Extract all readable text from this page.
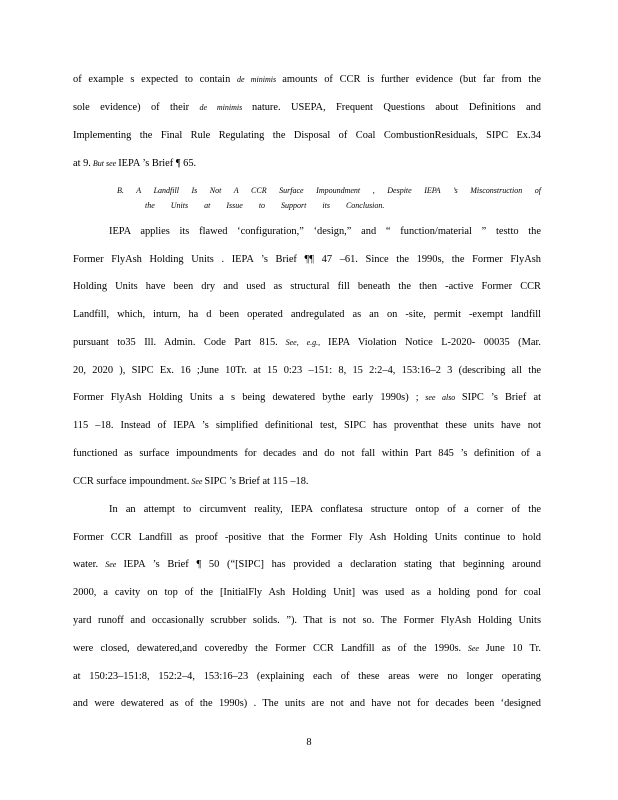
of example s expected to contain de minimis amounts of CCR is further evidence (but far from the
sole evidence) of their de minimis nature. USEPA, Frequent Questions about Definitions and
Implementing the Final Rule Regulating the Disposal of Coal CombustionResiduals, SIPC Ex.34
at 9. But see IEPA ’s Brief ¶ 65.
B. A Landfill Is Not A CCR Surface Impoundment , Despite IEPA ’s Misconstruction of
the Units at Issue to Support its Conclusion.
IEPA applies its flawed ‘configuration,” ‘design,” and “ function/material ” testto the
Former FlyAsh Holding Units . IEPA ’s Brief ¶¶ 47 –61. Since the 1990s, the Former FlyAsh
Holding Units have been dry and used as structural fill beneath the then -active Former CCR
Landfill, which, inturn, ha d been operated andregulated as an on -site, permit -exempt landfill
pursuant to35 Ill. Admin. Code Part 815. See, e.g., IEPA Violation Notice L-2020- 00035 (Mar.
20, 2020 ), SIPC Ex. 16 ;June 10Tr. at 15 0:23 –151: 8, 15 2:2–4, 153:16–2 3 (describing all the
Former FlyAsh Holding Units a s being dewatered bythe early 1990s) ; see also SIPC ’s Brief at
115 –18. Instead of IEPA ’s simplified definitional test, SIPC has proventhat these units have not
functioned as surface impoundments for decades and do not fall within Part 845 ’s definition of a
CCR surface impoundment. See SIPC ’s Brief at 115 –18.
In an attempt to circumvent reality, IEPA conflatesa structure ontop of a corner of the
Former CCR Landfill as proof -positive that the Former Fly Ash Holding Units continue to hold
water. See IEPA ’s Brief ¶ 50 (“[SIPC] has provided a declaration stating that beginning around
2000, a cavity on top of the [InitialFly Ash Holding Unit] was used as a holding pond for coal
yard runoff and occasionally scrubber solids. ”). That is not so. The Former FlyAsh Holding Units
were closed, dewatered,and coveredby the Former CCR Landfill as of the 1990s. See June 10 Tr.
at 150:23–151:8, 152:2–4, 153:16–23 (explaining each of these areas were no longer operating
and were dewatered as of the 1990s) . The units are not and have not for decades been ‘designed
8
